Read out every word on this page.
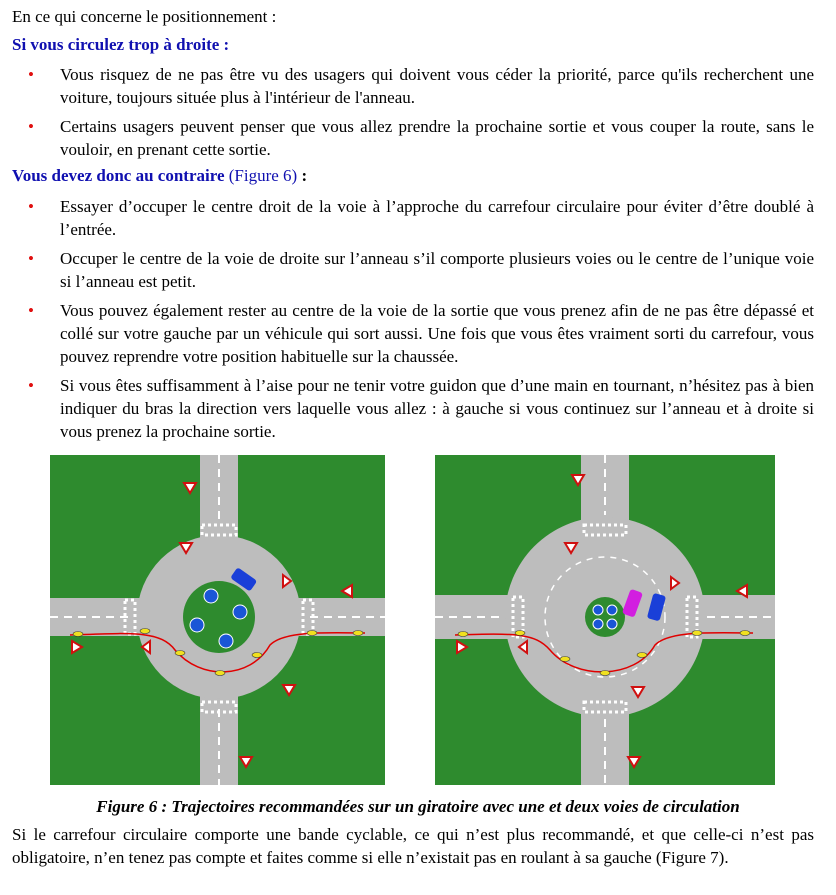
En ce qui concerne le positionnement :
Si vous circulez trop à droite :
• Vous risquez de ne pas être vu des usagers qui doivent vous céder la priorité, parce qu'ils recherchent une voiture, toujours située plus à l'intérieur de l'anneau.
• Certains usagers peuvent penser que vous allez prendre la prochaine sortie et vous couper la route, sans le vouloir, en prenant cette sortie.
Vous devez donc au contraire (Figure 6) :
• Essayer d’occuper le centre droit de la voie à l’approche du carrefour circulaire pour éviter d’être doublé à l’entrée.
• Occuper le centre de la voie de droite sur l’anneau s’il comporte plusieurs voies ou le centre de l’unique voie si l’anneau est petit.
• Vous pouvez également rester au centre de la voie de la sortie que vous prenez afin de ne pas être dépassé et collé sur votre gauche par un véhicule qui sort aussi. Une fois que vous êtes vraiment sorti du carrefour, vous pouvez reprendre votre position habituelle sur la chaussée.
• Si vous êtes suffisamment à l’aise pour ne tenir votre guidon que d’une main en tournant, n’hésitez pas à bien indiquer du bras la direction vers laquelle vous allez : à gauche si vous continuez sur l’anneau et à droite si vous prenez la prochaine sortie.
Figure 6 : Trajectoires recommandées sur un giratoire avec une et deux voies de circulation
Si le carrefour circulaire comporte une bande cyclable, ce qui n’est plus recommandé, et que celle-ci n’est pas obligatoire, n’en tenez pas compte et faites comme si elle n’existait pas en roulant à sa gauche (Figure 7).
